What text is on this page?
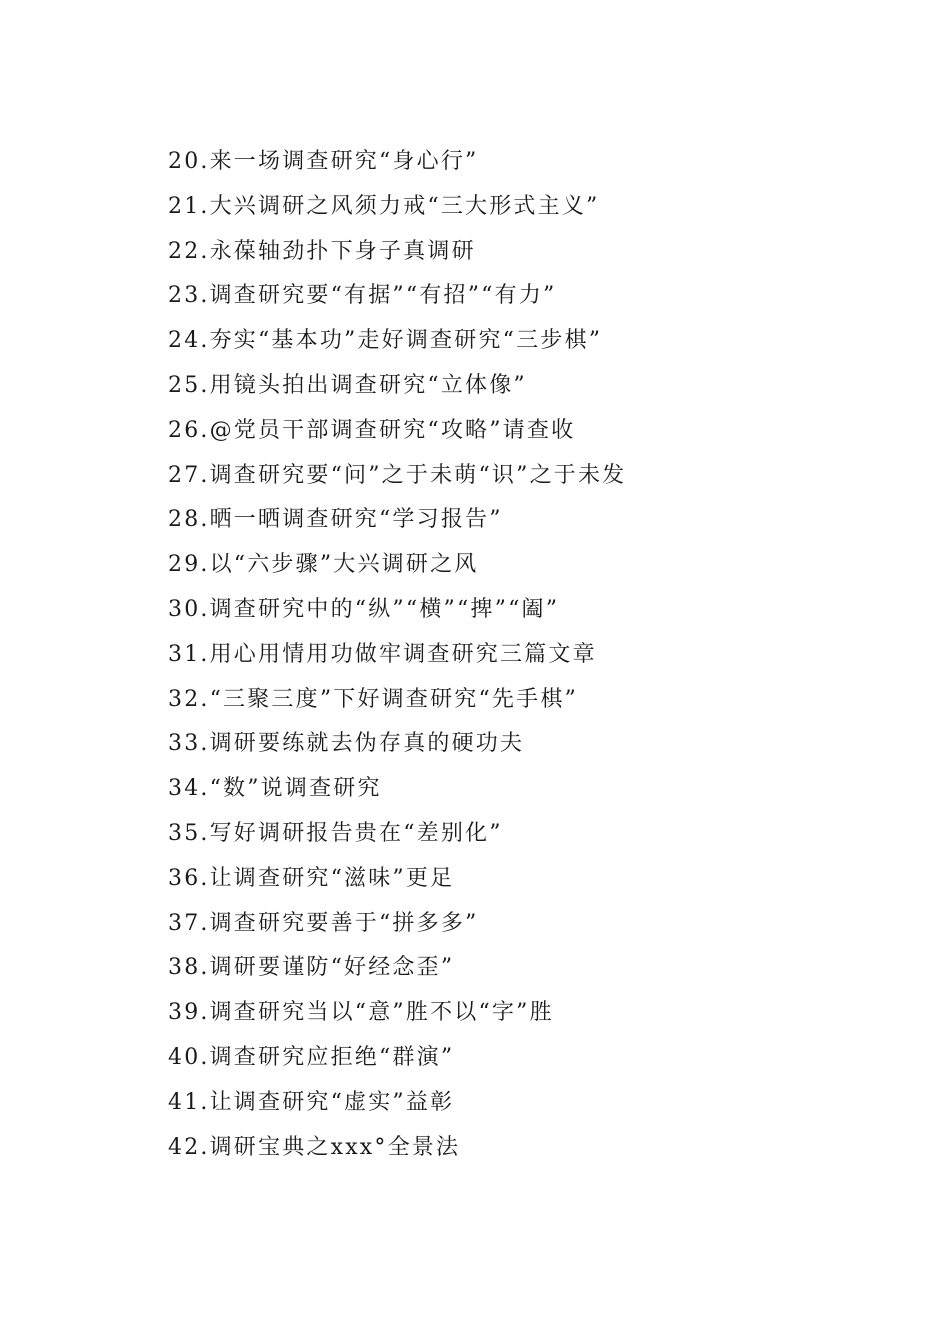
20.来一场调查研究“身心行”
21.大兴调研之风须力戒“三大形式主义”
22.永葆轴劲扑下身子真调研
23.调查研究要“有据”“有招”“有力”
24.夯实“基本功”走好调查研究“三步棋”
25.用镜头拍出调查研究“立体像”
26.@党员干部调查研究“攻略”请查收
27.调查研究要“问”之于未萌“识”之于未发
28.晒一晒调查研究“学习报告”
29.以“六步骤”大兴调研之风
30.调查研究中的“纵”“横”“捭”“阖”
31.用心用情用功做牢调查研究三篇文章
32.“三聚三度”下好调查研究“先手棋”
33.调研要练就去伪存真的硬功夫
34.“数”说调查研究
35.写好调研报告贵在“差别化”
36.让调查研究“滋味”更足
37.调查研究要善于“拼多多”
38.调研要谨防“好经念歪”
39.调查研究当以“意”胜不以“字”胜
40.调查研究应拒绝“群演”
41.让调查研究“虚实”益彰
42.调研宝典之xxx°全景法
